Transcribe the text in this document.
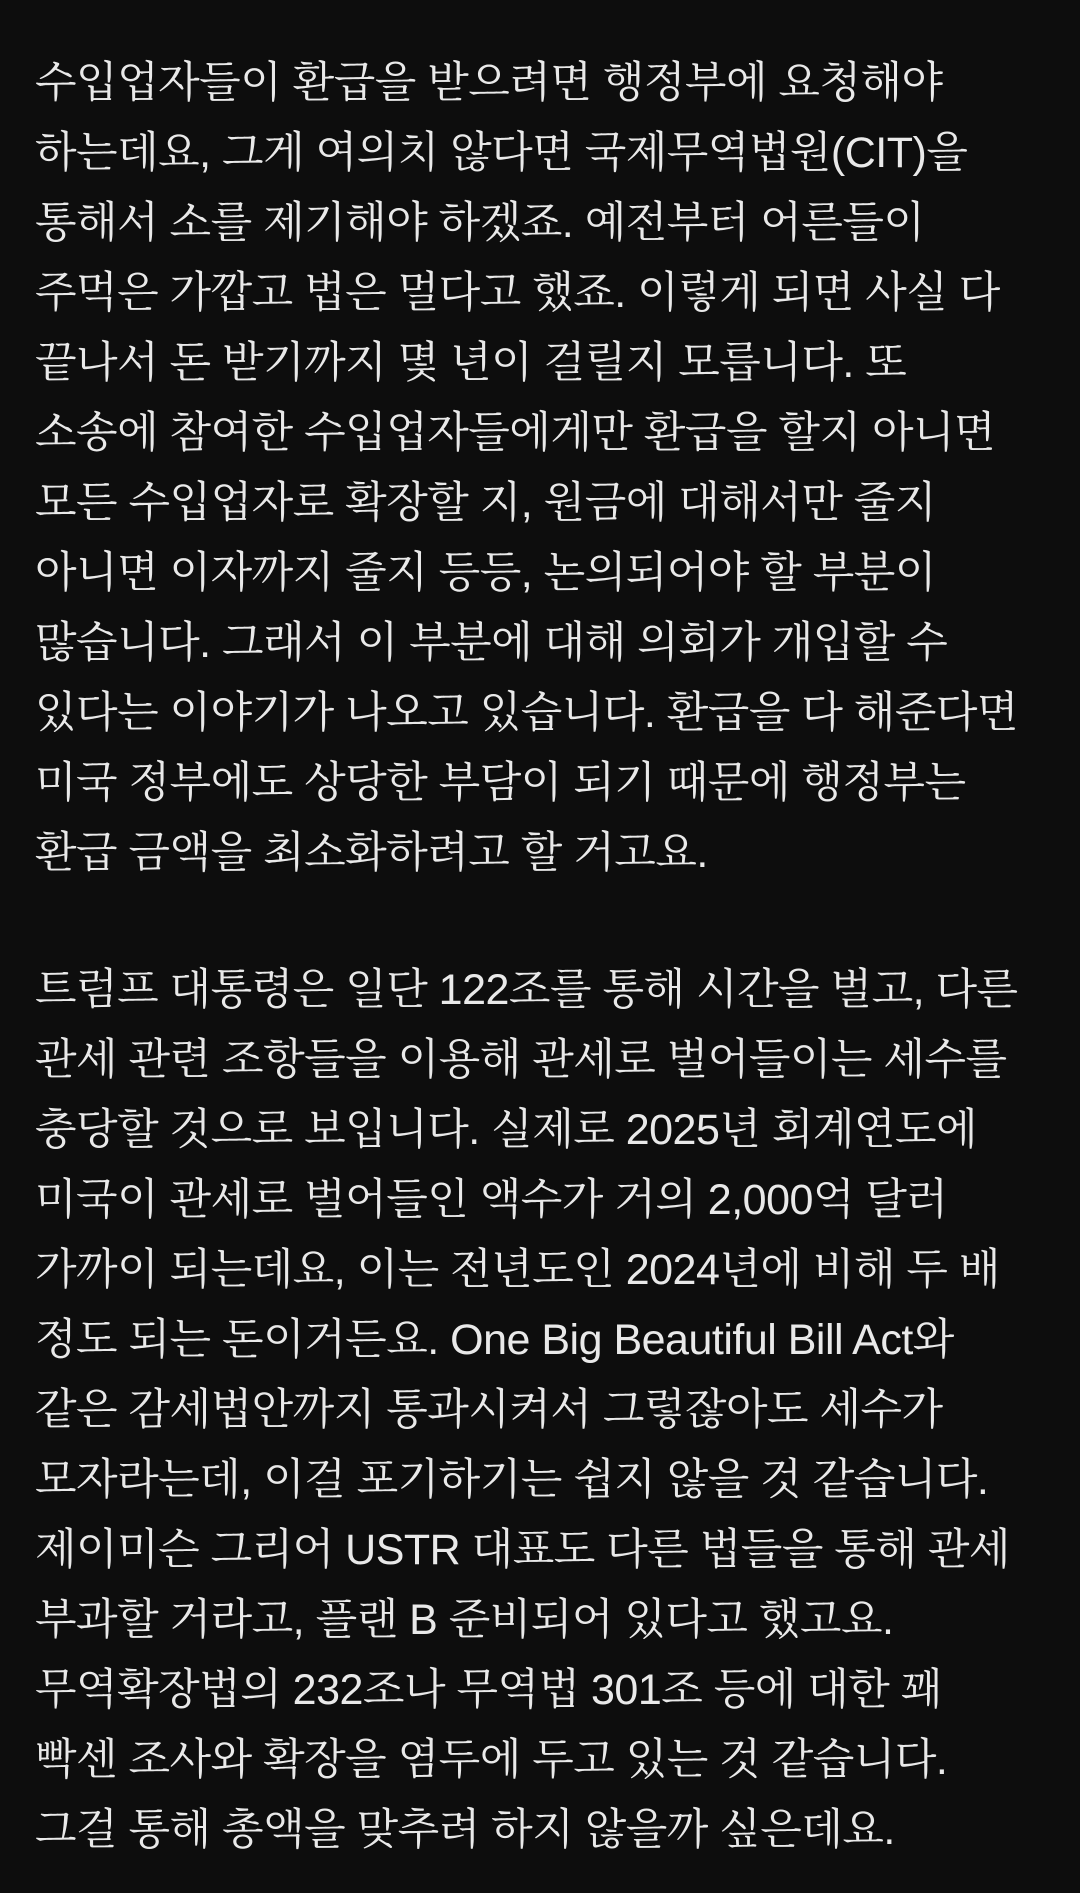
수입업자들이 환급을 받으려면 행정부에 요청해야
하는데요, 그게 여의치 않다면 국제무역법원(CIT)을
통해서 소를 제기해야 하겠죠. 예전부터 어른들이
주먹은 가깝고 법은 멀다고 했죠. 이렇게 되면 사실 다
끝나서 돈 받기까지 몇 년이 걸릴지 모릅니다. 또
소송에 참여한 수입업자들에게만 환급을 할지 아니면
모든 수입업자로 확장할 지, 원금에 대해서만 줄지
아니면 이자까지 줄지 등등, 논의되어야 할 부분이
많습니다. 그래서 이 부분에 대해 의회가 개입할 수
있다는 이야기가 나오고 있습니다. 환급을 다 해준다면
미국 정부에도 상당한 부담이 되기 때문에 행정부는
환급 금액을 최소화하려고 할 거고요.
트럼프 대통령은 일단 122조를 통해 시간을 벌고, 다른
관세 관련 조항들을 이용해 관세로 벌어들이는 세수를
충당할 것으로 보입니다. 실제로 2025년 회계연도에
미국이 관세로 벌어들인 액수가 거의 2,000억 달러
가까이 되는데요, 이는 전년도인 2024년에 비해 두 배
정도 되는 돈이거든요. One Big Beautiful Bill Act와
같은 감세법안까지 통과시켜서 그렇잖아도 세수가
모자라는데, 이걸 포기하기는 쉽지 않을 것 같습니다.
제이미슨 그리어 USTR 대표도 다른 법들을 통해 관세
부과할 거라고, 플랜 B 준비되어 있다고 했고요.
무역확장법의 232조나 무역법 301조 등에 대한 꽤
빡센 조사와 확장을 염두에 두고 있는 것 같습니다.
그걸 통해 총액을 맞추려 하지 않을까 싶은데요.
